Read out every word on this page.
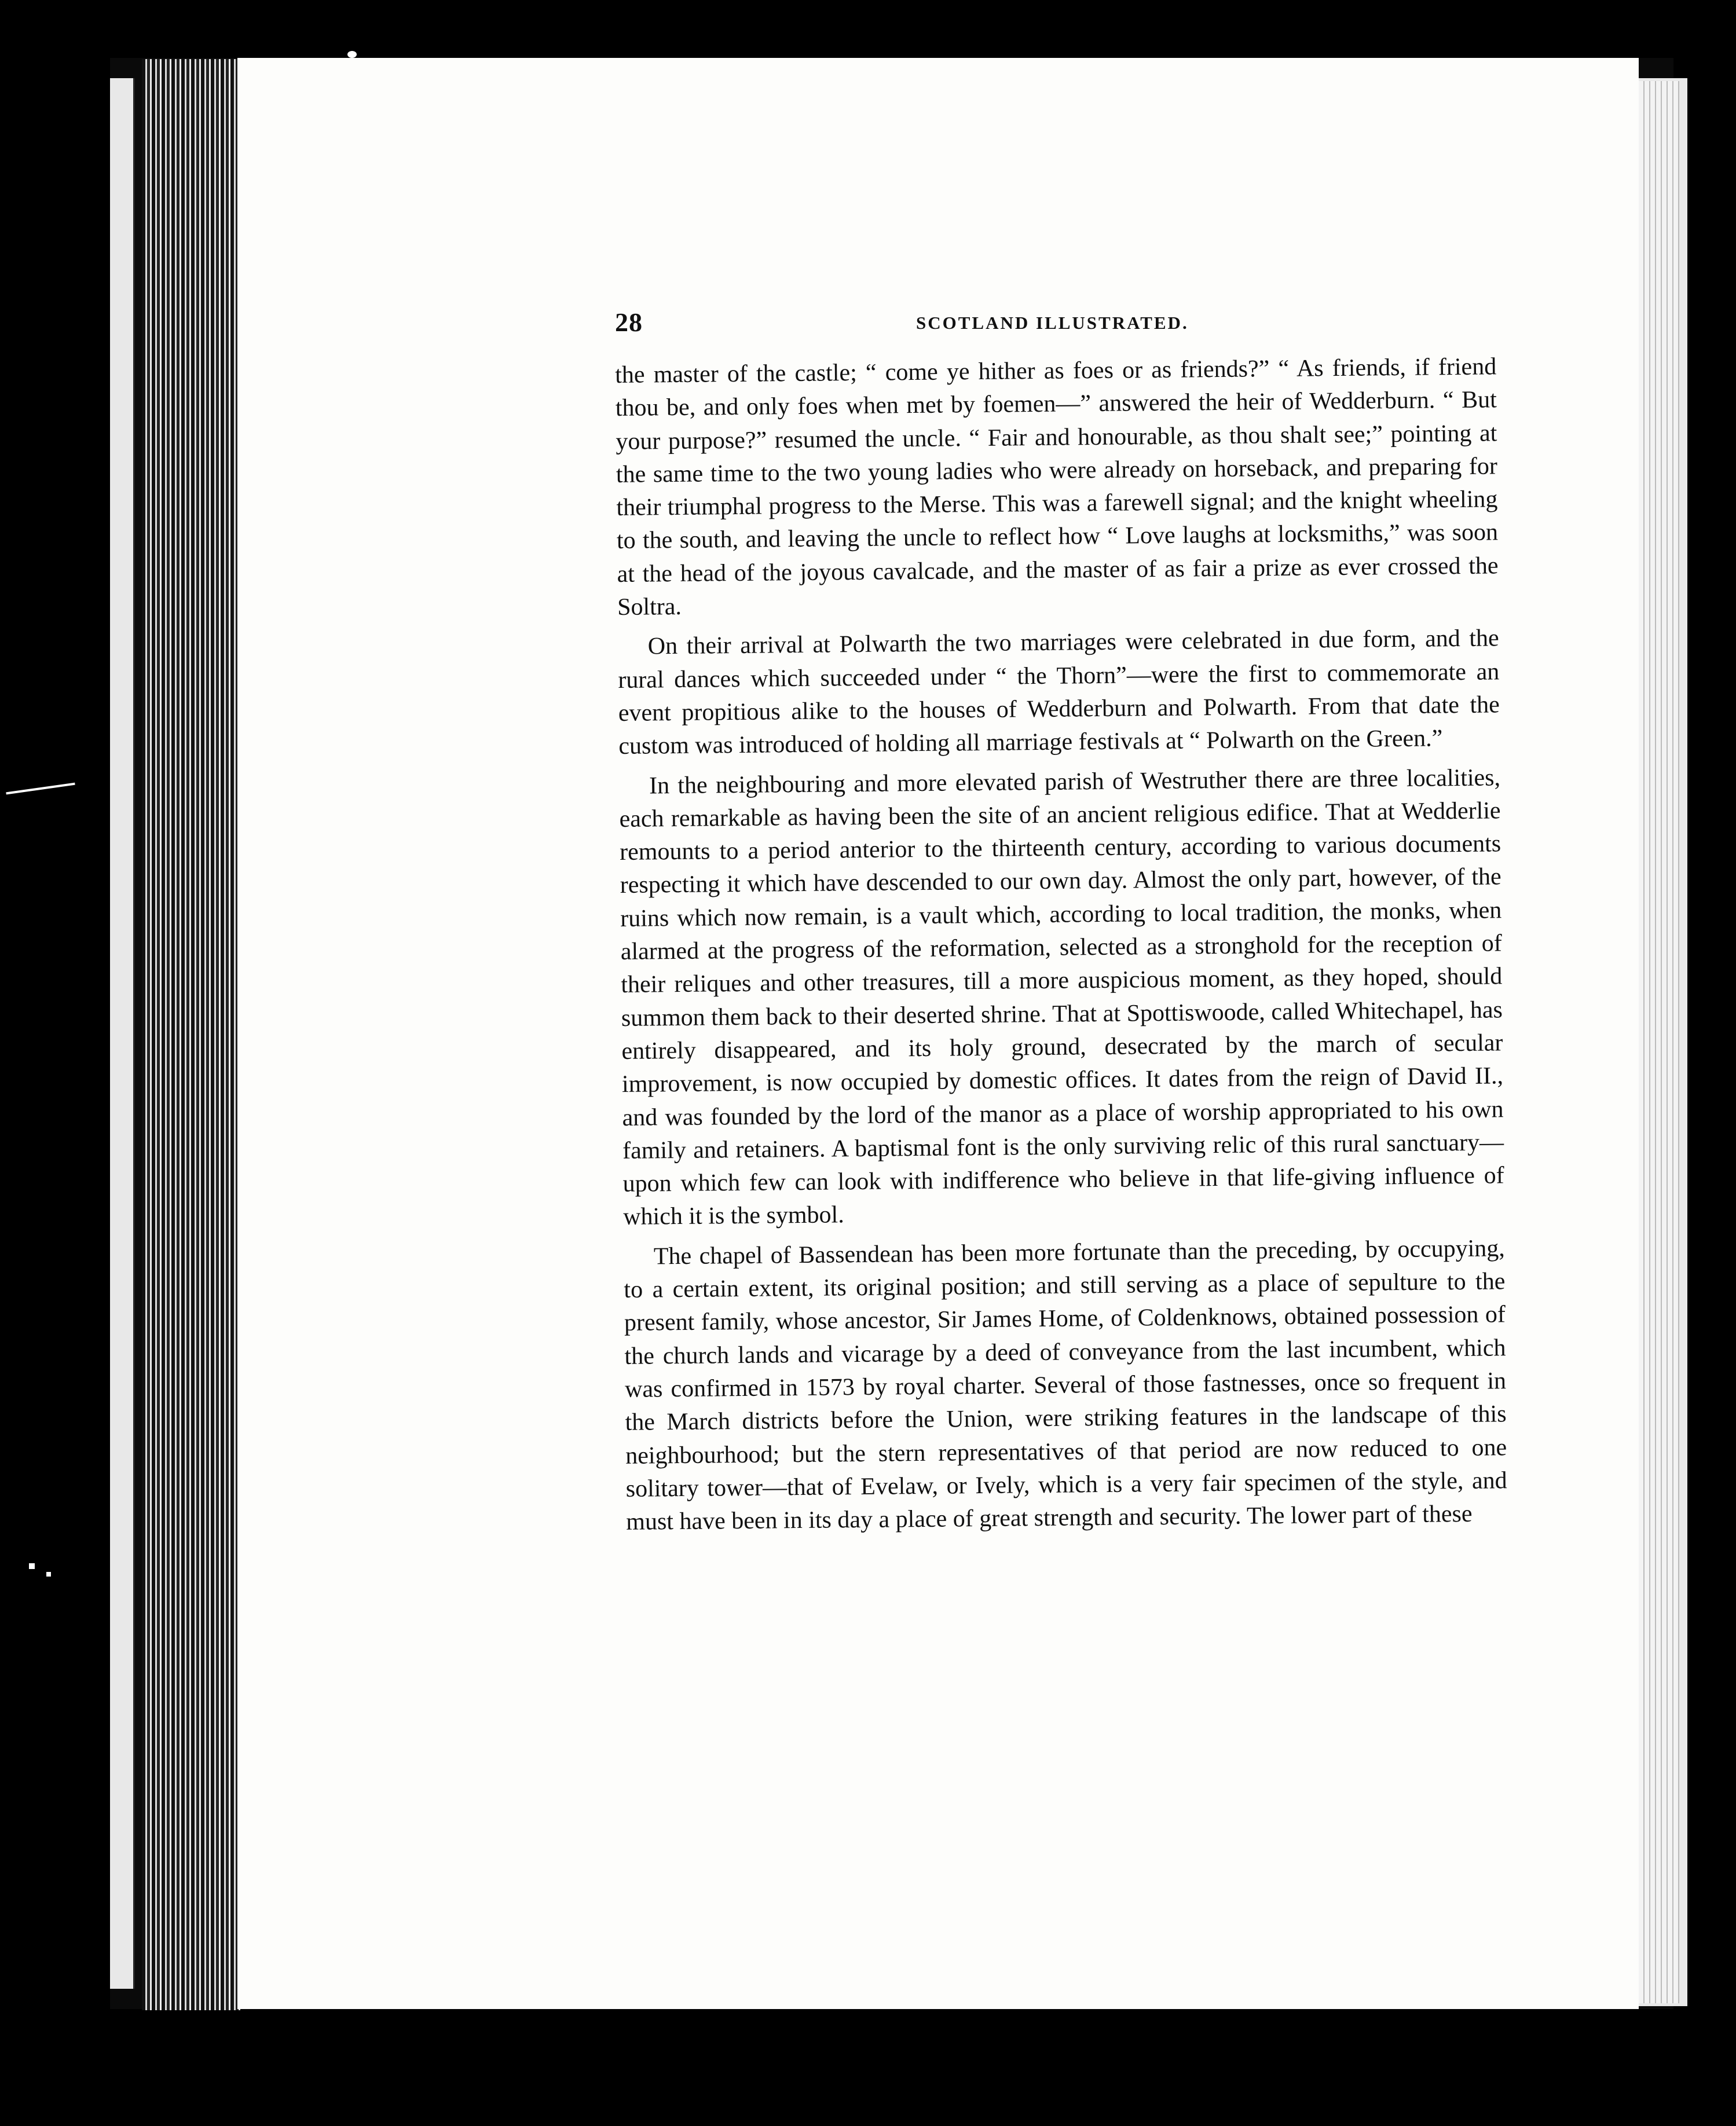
28	SCOTLAND ILLUSTRATED.

the master of the castle; “ come ye hither as foes or as friends?” “ As friends, if friend thou be, and only foes when met by foemen—” answered the heir of Wedderburn. “ But your purpose?” resumed the uncle. “ Fair and honourable, as thou shalt see;” pointing at the same time to the two young ladies who were already on horseback, and preparing for their triumphal progress to the Merse. This was a farewell signal; and the knight wheeling to the south, and leaving the uncle to reflect how “ Love laughs at locksmiths,” was soon at the head of the joyous cavalcade, and the master of as fair a prize as ever crossed the Soltra.

On their arrival at Polwarth the two marriages were celebrated in due form, and the rural dances which succeeded under “ the Thorn”—were the first to commemorate an event propitious alike to the houses of Wedderburn and Polwarth. From that date the custom was introduced of holding all marriage festivals at “ Polwarth on the Green.”

In the neighbouring and more elevated parish of Westruther there are three localities, each remarkable as having been the site of an ancient religious edifice. That at Wedderlie remounts to a period anterior to the thirteenth century, according to various documents respecting it which have descended to our own day. Almost the only part, however, of the ruins which now remain, is a vault which, according to local tradition, the monks, when alarmed at the progress of the reformation, selected as a stronghold for the reception of their reliques and other treasures, till a more auspicious moment, as they hoped, should summon them back to their deserted shrine. That at Spottiswoode, called Whitechapel, has entirely disappeared, and its holy ground, desecrated by the march of secular improvement, is now occupied by domestic offices. It dates from the reign of David II., and was founded by the lord of the manor as a place of worship appropriated to his own family and retainers. A baptismal font is the only surviving relic of this rural sanctuary—upon which few can look with indifference who believe in that life-giving influence of which it is the symbol.

The chapel of Bassendean has been more fortunate than the preceding, by occupying, to a certain extent, its original position; and still serving as a place of sepulture to the present family, whose ancestor, Sir James Home, of Coldenknows, obtained possession of the church lands and vicarage by a deed of conveyance from the last incumbent, which was confirmed in 1573 by royal charter. Several of those fastnesses, once so frequent in the March districts before the Union, were striking features in the landscape of this neighbourhood; but the stern representatives of that period are now reduced to one solitary tower—that of Evelaw, or Ively, which is a very fair specimen of the style, and must have been in its day a place of great strength and security. The lower part of these
